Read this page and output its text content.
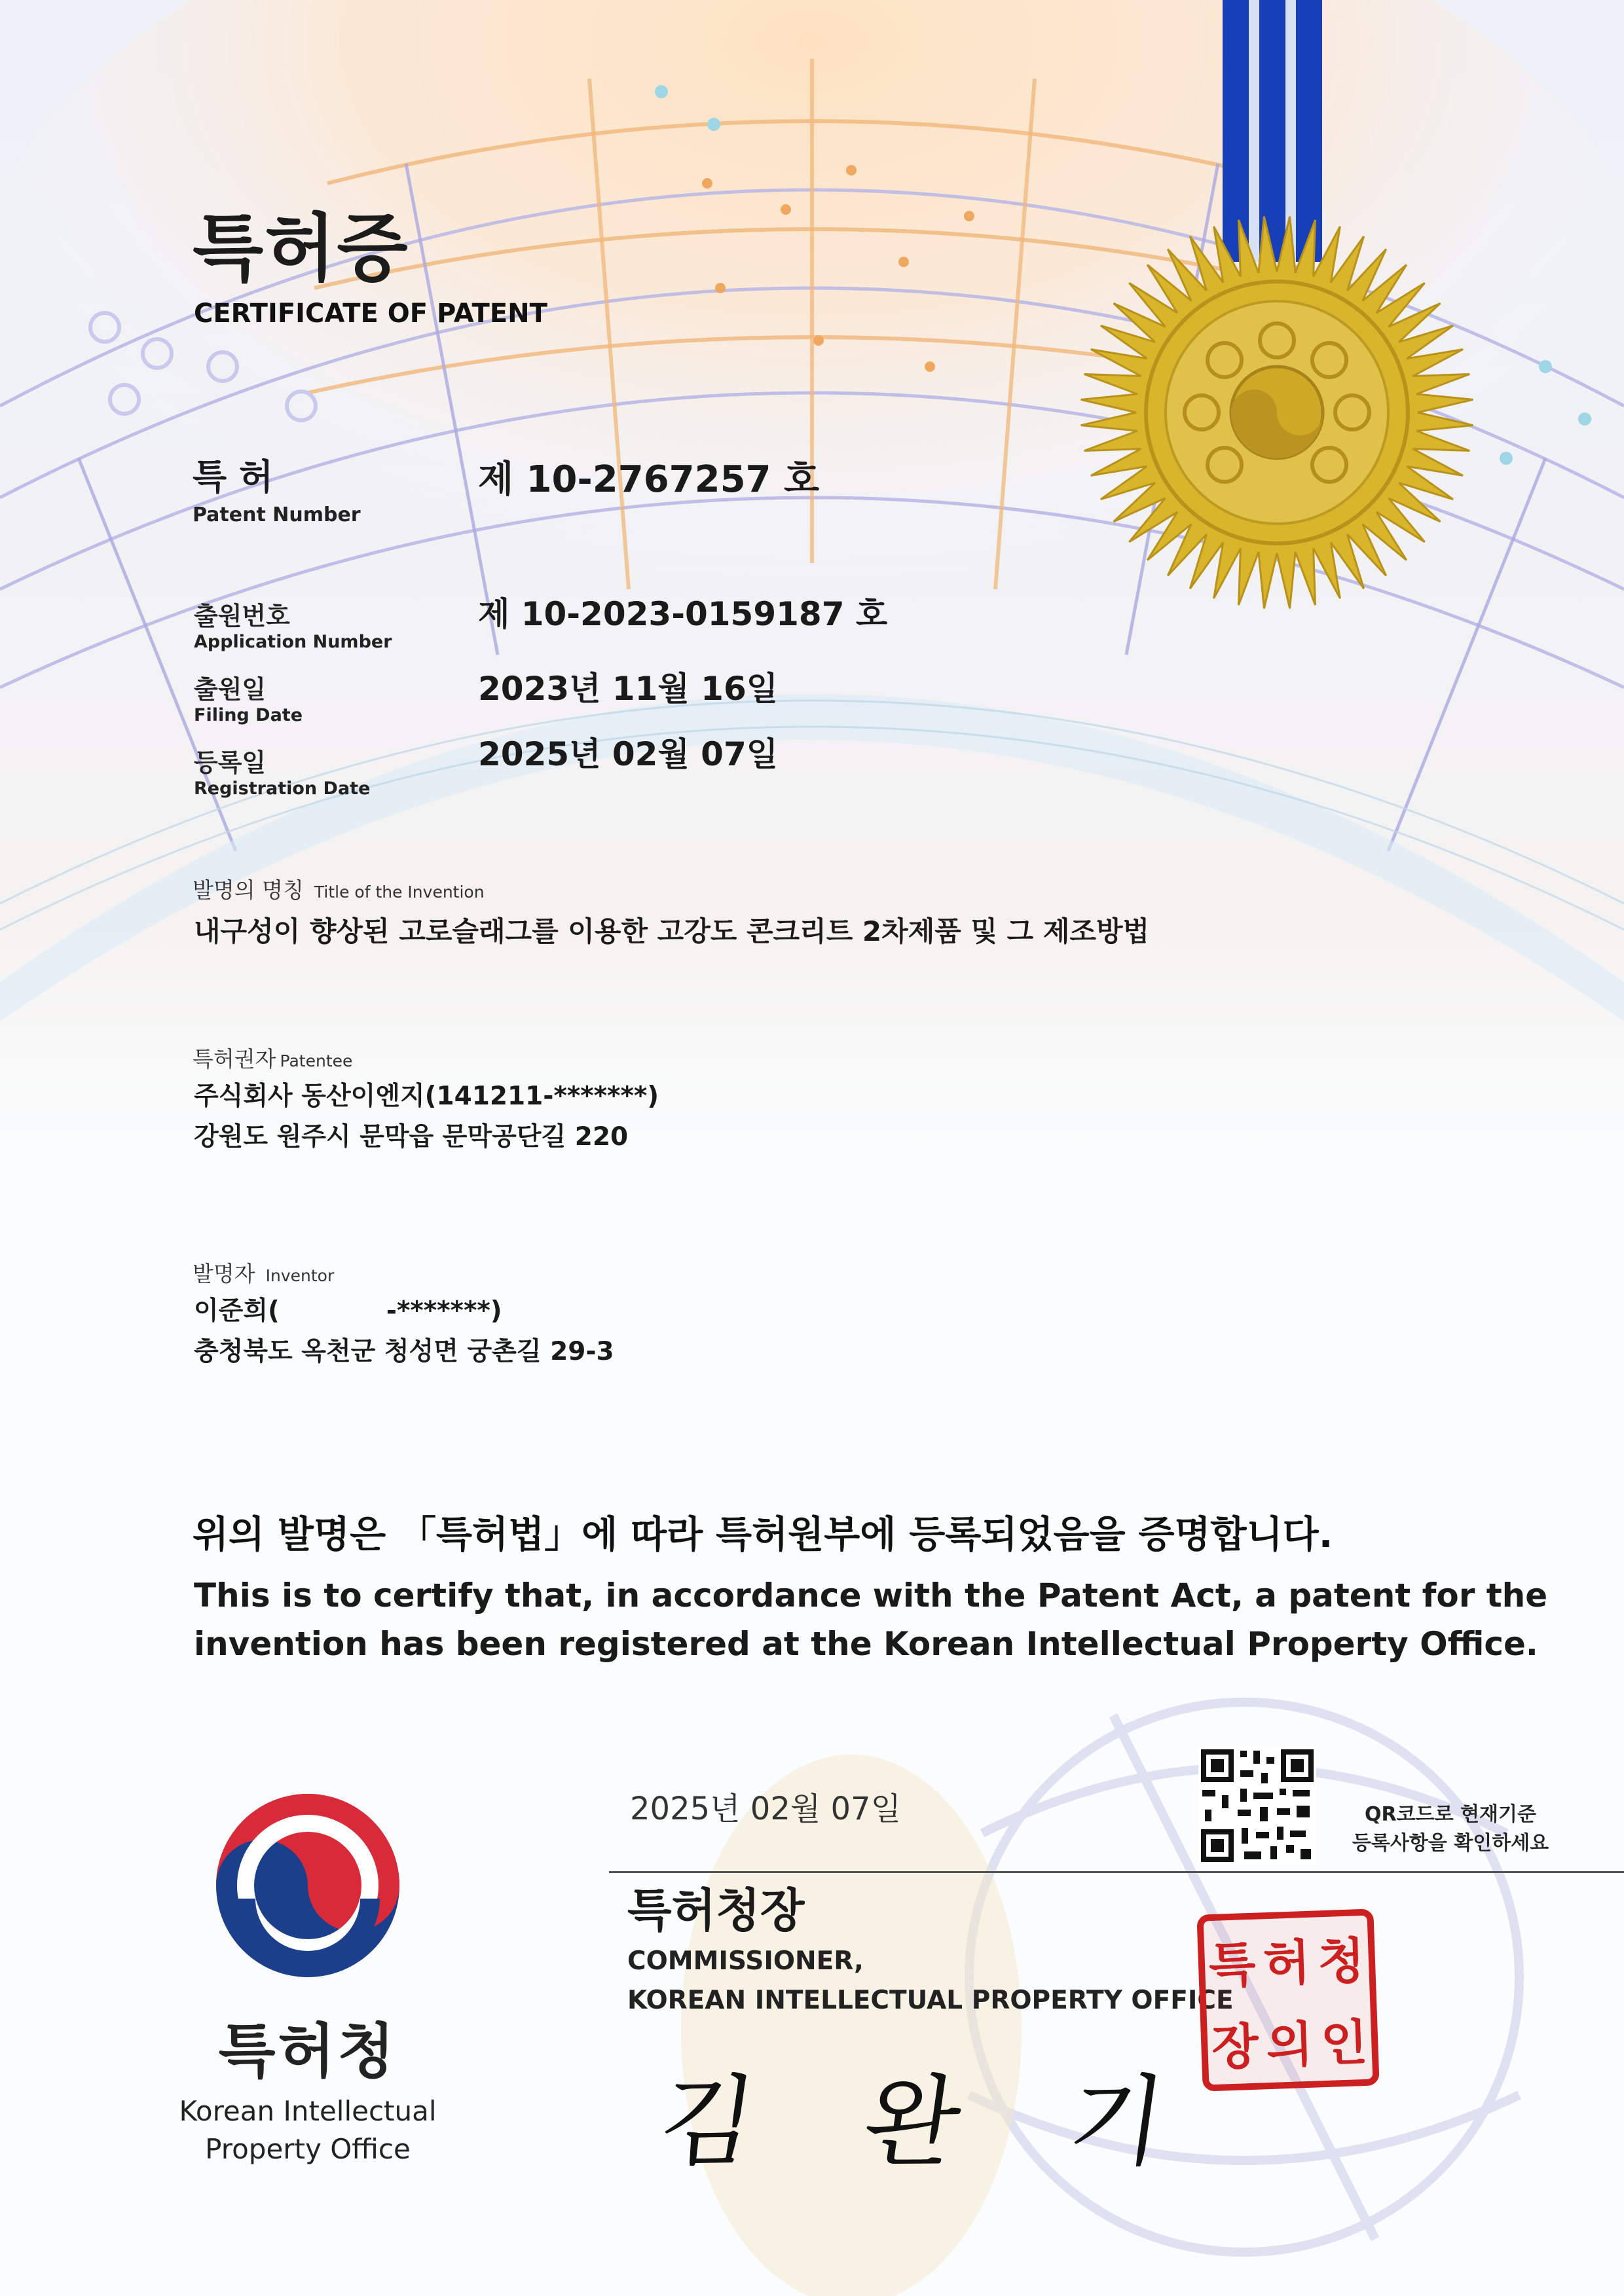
특허증
CERTIFICATE OF PATENT
특 허
Patent Number
제 10-2767257 호
출원번호
Application Number
제 10-2023-0159187 호
출원일
Filing Date
2023년 11월 16일
등록일
Registration Date
2025년 02월 07일
발명의 명칭 Title of the Invention
내구성이 향상된 고로슬래그를 이용한 고강도 콘크리트 2차제품 및 그 제조방법
특허권자 Patentee
주식회사 동산이엔지(141211-*******)
강원도 원주시 문막읍 문막공단길 220
발명자 Inventor
이준희(            -*******)
충청북도 옥천군 청성면 궁촌길 29-3
위의 발명은 「특허법」에 따라 특허원부에 등록되었음을 증명합니다.
This is to certify that, in accordance with the Patent Act, a patent for the
invention has been registered at the Korean Intellectual Property Office.
2025년 02월 07일
특허청장
COMMISSIONER,
KOREAN INTELLECTUAL PROPERTY OFFICE
김 완 기
QR코드로 현재기준
등록사항을 확인하세요
특 허 청
장 의 인
특허청
Korean Intellectual
Property Office
